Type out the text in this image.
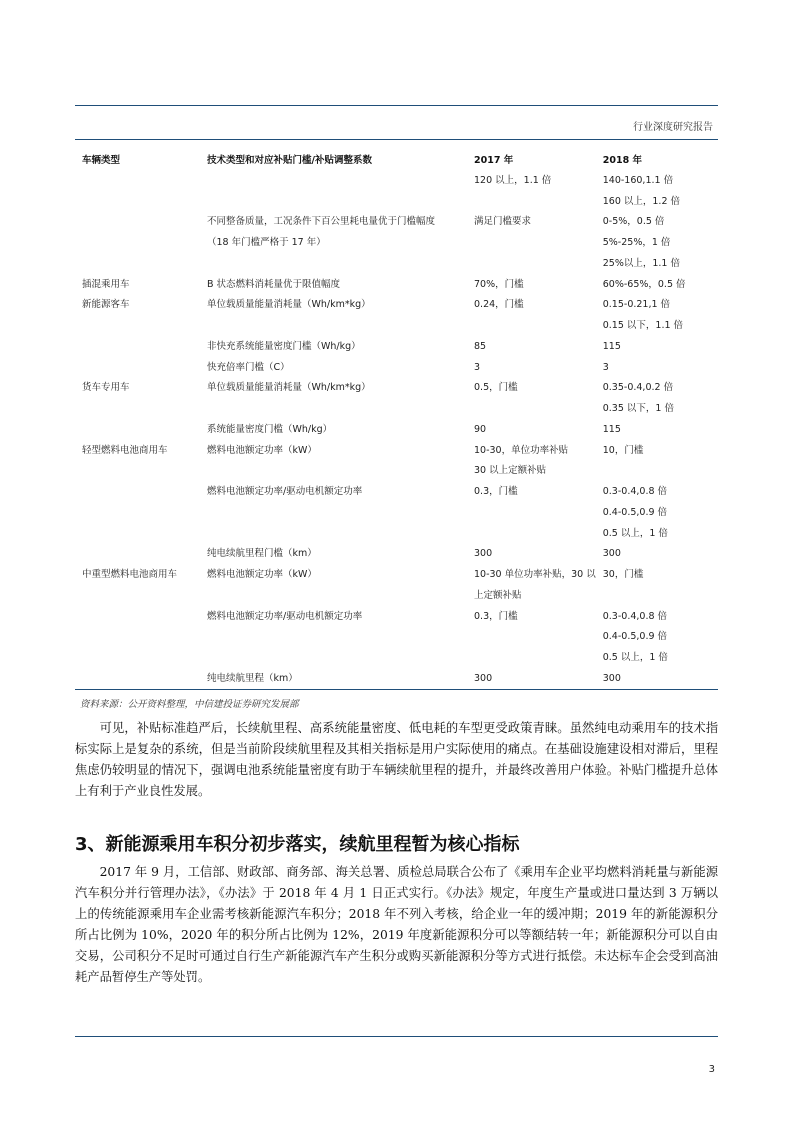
行业深度研究报告
车辆类型	技术类型和对应补贴门槛/补贴调整系数	2017 年	2018 年
		120 以上，1.1 倍	140-160,1.1 倍
			160 以上，1.2 倍
	不同整备质量，工况条件下百公里耗电量优于门槛幅度	满足门槛要求	0-5%，0.5 倍
	（18 年门槛严格于 17 年）		5%-25%，1 倍
			25%以上，1.1 倍
插混乘用车	B 状态燃料消耗量优于限值幅度	70%，门槛	60%-65%，0.5 倍
新能源客车	单位载质量能量消耗量（Wh/km*kg）	0.24，门槛	0.15-0.21,1 倍
			0.15 以下，1.1 倍
	非快充系统能量密度门槛（Wh/kg）	85	115
	快充倍率门槛（C）	3	3
货车专用车	单位载质量能量消耗量（Wh/km*kg）	0.5，门槛	0.35-0.4,0.2 倍
			0.35 以下，1 倍
	系统能量密度门槛（Wh/kg）	90	115
轻型燃料电池商用车	燃料电池额定功率（kW）	10-30，单位功率补贴	10，门槛
		30 以上定额补贴	
	燃料电池额定功率/驱动电机额定功率	0.3，门槛	0.3-0.4,0.8 倍
			0.4-0.5,0.9 倍
			0.5 以上，1 倍
	纯电续航里程门槛（km）	300	300
中重型燃料电池商用车	燃料电池额定功率（kW）	10-30 单位功率补贴，30 以	30，门槛
		上定额补贴	
	燃料电池额定功率/驱动电机额定功率	0.3，门槛	0.3-0.4,0.8 倍
			0.4-0.5,0.9 倍
			0.5 以上，1 倍
	纯电续航里程（km）	300	300
资料来源：公开资料整理，中信建投证券研究发展部

可见，补贴标准趋严后，长续航里程、高系统能量密度、低电耗的车型更受政策青睐。虽然纯电动乘用车的技术指标实际上是复杂的系统，但是当前阶段续航里程及其相关指标是用户实际使用的痛点。在基础设施建设相对滞后，里程焦虑仍较明显的情况下，强调电池系统能量密度有助于车辆续航里程的提升，并最终改善用户体验。补贴门槛提升总体上有利于产业良性发展。

3、新能源乘用车积分初步落实，续航里程暂为核心指标

2017 年 9 月，工信部、财政部、商务部、海关总署、质检总局联合公布了《乘用车企业平均燃料消耗量与新能源汽车积分并行管理办法》，《办法》于 2018 年 4 月 1 日正式实行。《办法》规定，年度生产量或进口量达到 3 万辆以上的传统能源乘用车企业需考核新能源汽车积分；2018 年不列入考核，给企业一年的缓冲期；2019 年的新能源积分所占比例为 10%，2020 年的积分所占比例为 12%，2019 年度新能源积分可以等额结转一年；新能源积分可以自由交易，公司积分不足时可通过自行生产新能源汽车产生积分或购买新能源积分等方式进行抵偿。未达标车企会受到高油耗产品暂停生产等处罚。

3
